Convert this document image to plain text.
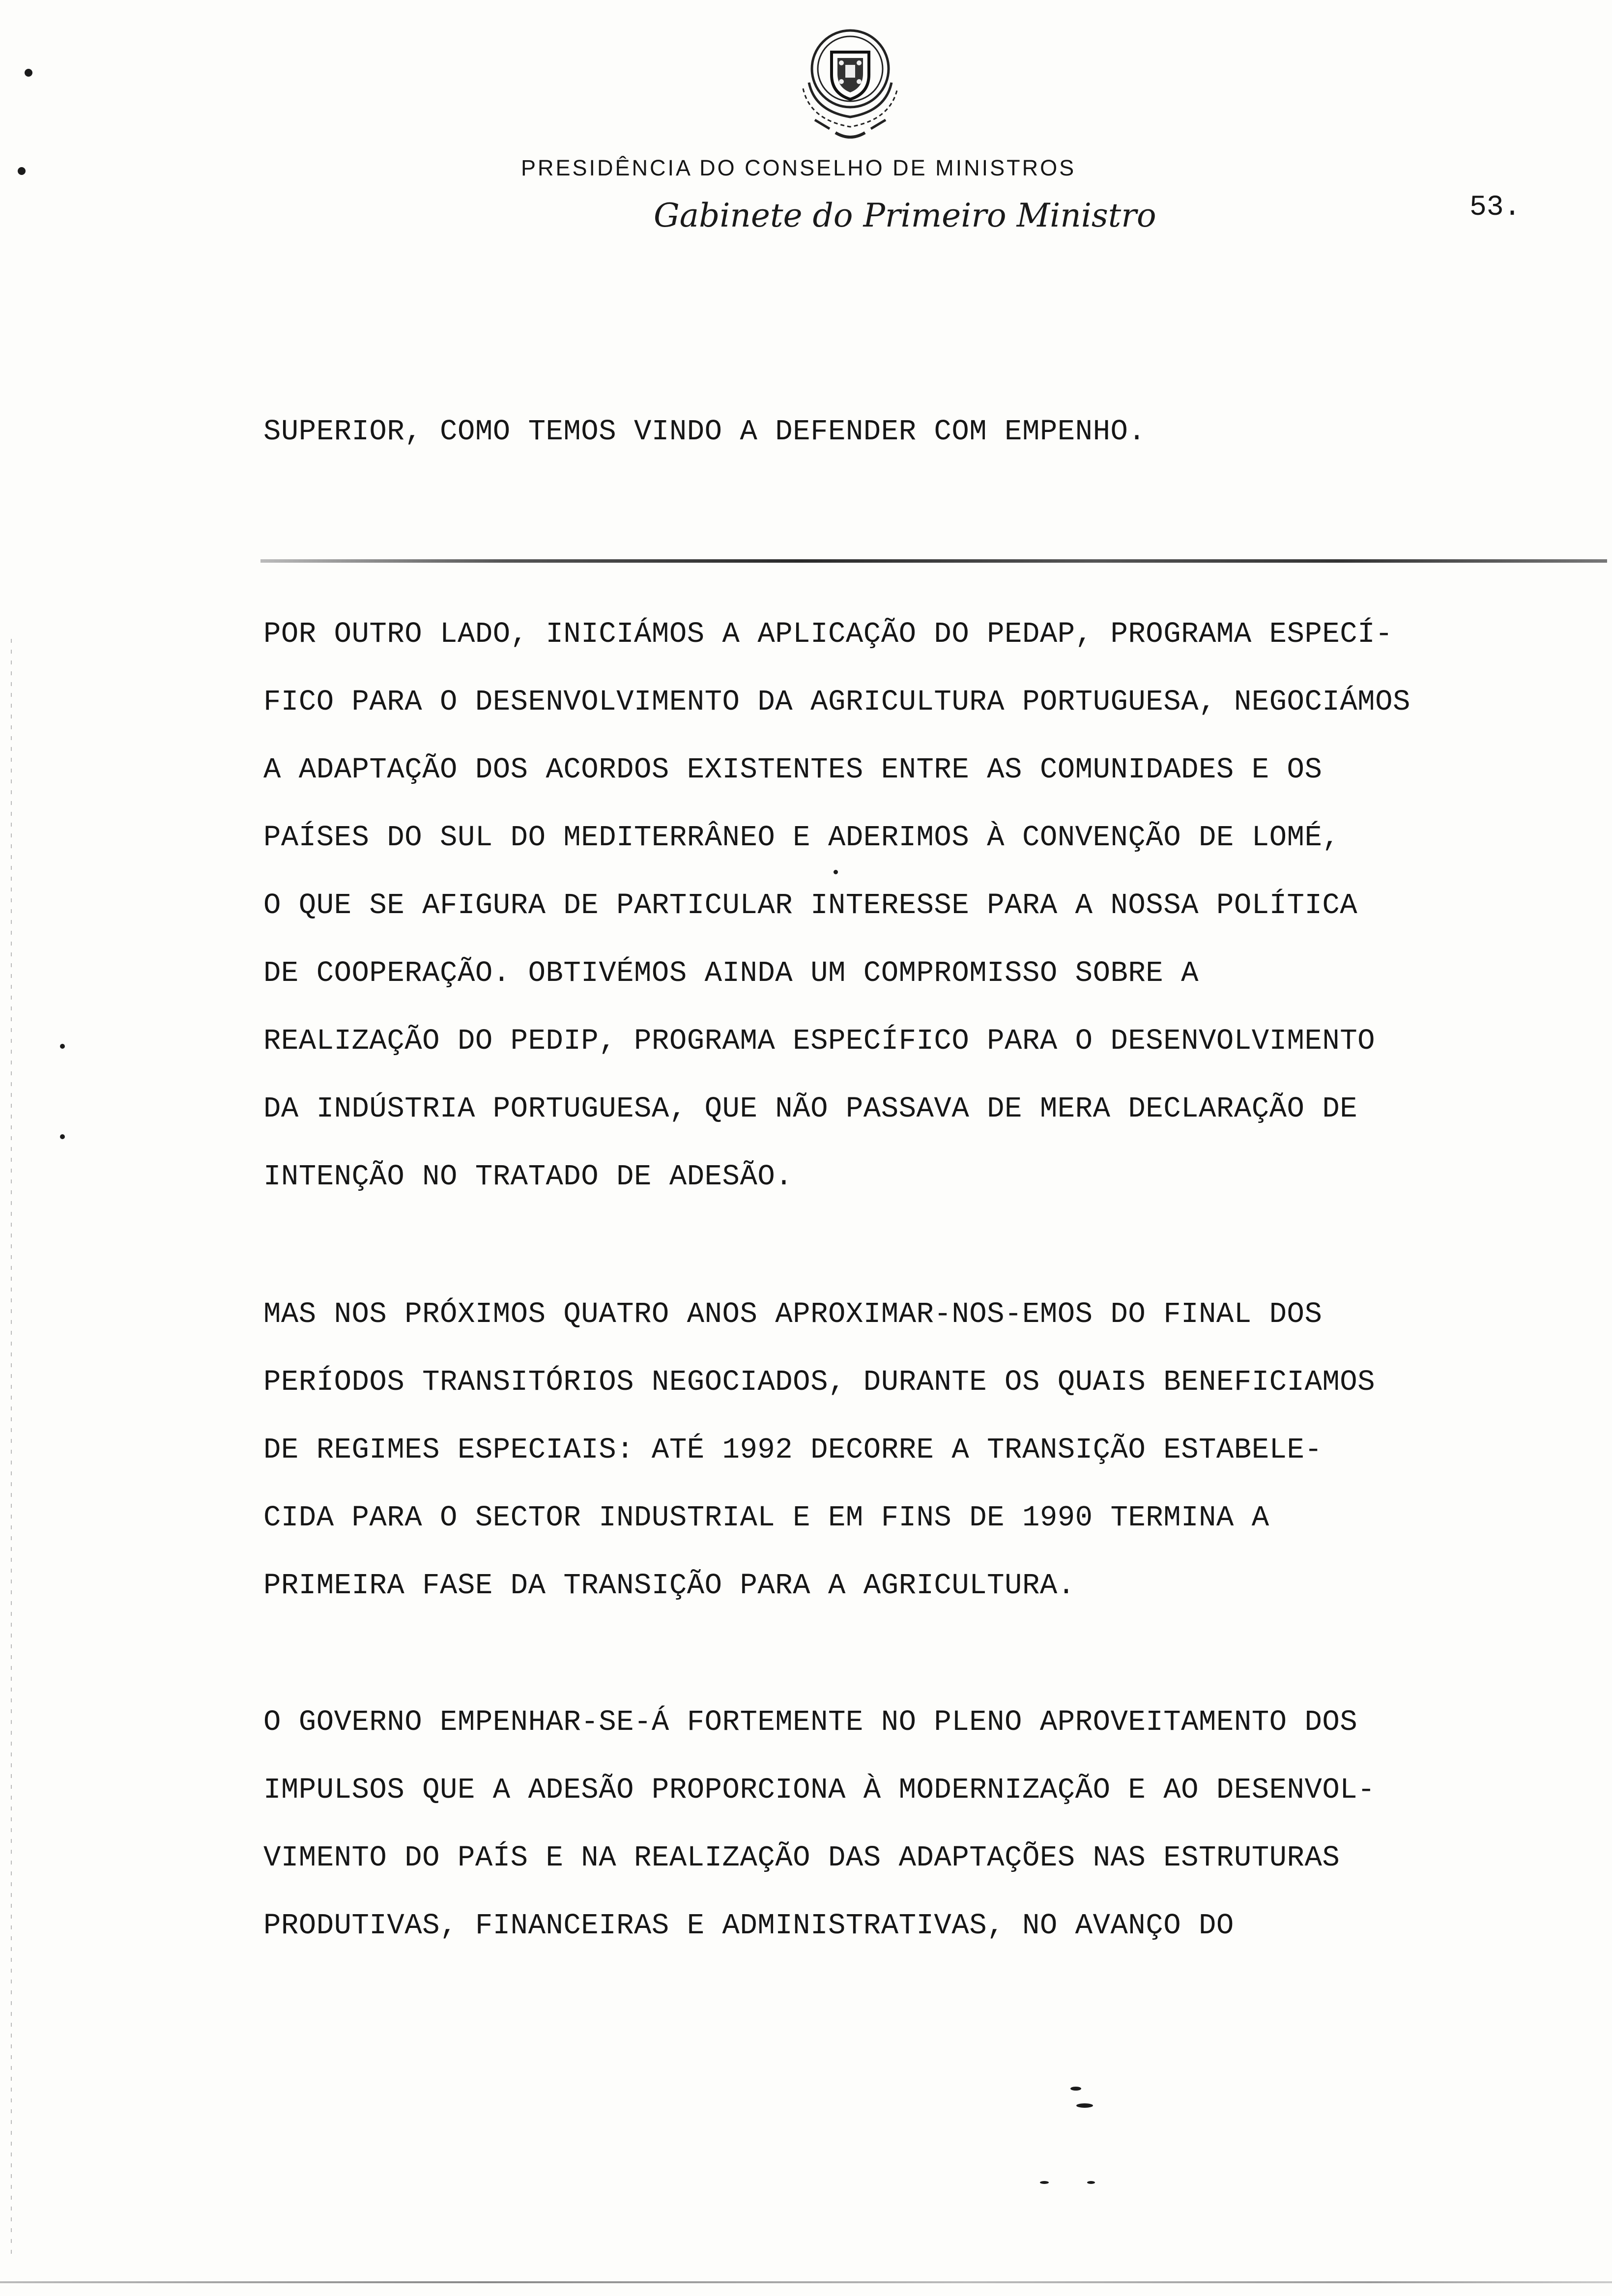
PRESIDÊNCIA DO CONSELHO DE MINISTROS
Gabinete do Primeiro Ministro	53.
SUPERIOR, COMO TEMOS VINDO A DEFENDER COM EMPENHO.
POR OUTRO LADO, INICIÁMOS A APLICAÇÃO DO PEDAP, PROGRAMA ESPECÍ-
FICO PARA O DESENVOLVIMENTO DA AGRICULTURA PORTUGUESA, NEGOCIÁMOS
A ADAPTAÇÃO DOS ACORDOS EXISTENTES ENTRE AS COMUNIDADES E OS
PAÍSES DO SUL DO MEDITERRÂNEO E ADERIMOS À CONVENÇÃO DE LOMÉ,
O QUE SE AFIGURA DE PARTICULAR INTERESSE PARA A NOSSA POLÍTICA
DE COOPERAÇÃO. OBTIVÉMOS AINDA UM COMPROMISSO SOBRE A
REALIZAÇÃO DO PEDIP, PROGRAMA ESPECÍFICO PARA O DESENVOLVIMENTO
DA INDÚSTRIA PORTUGUESA, QUE NÃO PASSAVA DE MERA DECLARAÇÃO DE
INTENÇÃO NO TRATADO DE ADESÃO.
MAS NOS PRÓXIMOS QUATRO ANOS APROXIMAR-NOS-EMOS DO FINAL DOS
PERÍODOS TRANSITÓRIOS NEGOCIADOS, DURANTE OS QUAIS BENEFICIAMOS
DE REGIMES ESPECIAIS: ATÉ 1992 DECORRE A TRANSIÇÃO ESTABELE-
CIDA PARA O SECTOR INDUSTRIAL E EM FINS DE 1990 TERMINA A
PRIMEIRA FASE DA TRANSIÇÃO PARA A AGRICULTURA.
O GOVERNO EMPENHAR-SE-Á FORTEMENTE NO PLENO APROVEITAMENTO DOS
IMPULSOS QUE A ADESÃO PROPORCIONA À MODERNIZAÇÃO E AO DESENVOL-
VIMENTO DO PAÍS E NA REALIZAÇÃO DAS ADAPTAÇÕES NAS ESTRUTURAS
PRODUTIVAS, FINANCEIRAS E ADMINISTRATIVAS, NO AVANÇO DO
